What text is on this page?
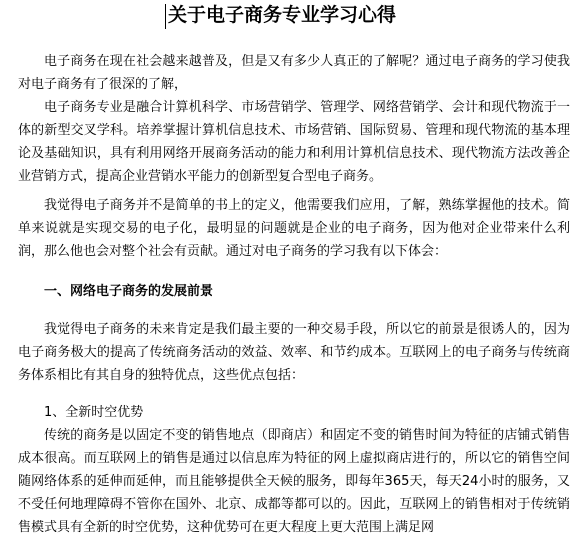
关于电子商务专业学习心得
电子商务在现在社会越来越普及，但是又有多少人真正的了解呢？通过电子商务的学习使我对电子商务有了很深的了解，
电子商务专业是融合计算机科学、市场营销学、管理学、网络营销学、会计和现代物流于一体的新型交叉学科。培养掌握计算机信息技术、市场营销、国际贸易、管理和现代物流的基本理论及基础知识，具有利用网络开展商务活动的能力和利用计算机信息技术、现代物流方法改善企业营销方式，提高企业营销水平能力的创新型复合型电子商务。
我觉得电子商务并不是简单的书上的定义，他需要我们应用，了解，熟练掌握他的技术。简单来说就是实现交易的电子化，最明显的问题就是企业的电子商务，因为他对企业带来什么利润，那么他也会对整个社会有贡献。通过对电子商务的学习我有以下体会：
一、网络电子商务的发展前景
我觉得电子商务的未来肯定是我们最主要的一种交易手段，所以它的前景是很诱人的，因为电子商务极大的提高了传统商务活动的效益、效率、和节约成本。互联网上的电子商务与传统商务体系相比有其自身的独特优点，这些优点包括：
1、全新时空优势
传统的商务是以固定不变的销售地点（即商店）和固定不变的销售时间为特征的店铺式销售成本很高。而互联网上的销售是通过以信息库为特征的网上虚拟商店进行的，所以它的销售空间随网络体系的延伸而延伸，而且能够提供全天候的服务，即每年365天，每天24小时的服务，又不受任何地理障碍不管你在国外、北京、成都等都可以的。因此，互联网上的销售相对于传统销售模式具有全新的时空优势，这种优势可在更大程度上更大范围上满足网
